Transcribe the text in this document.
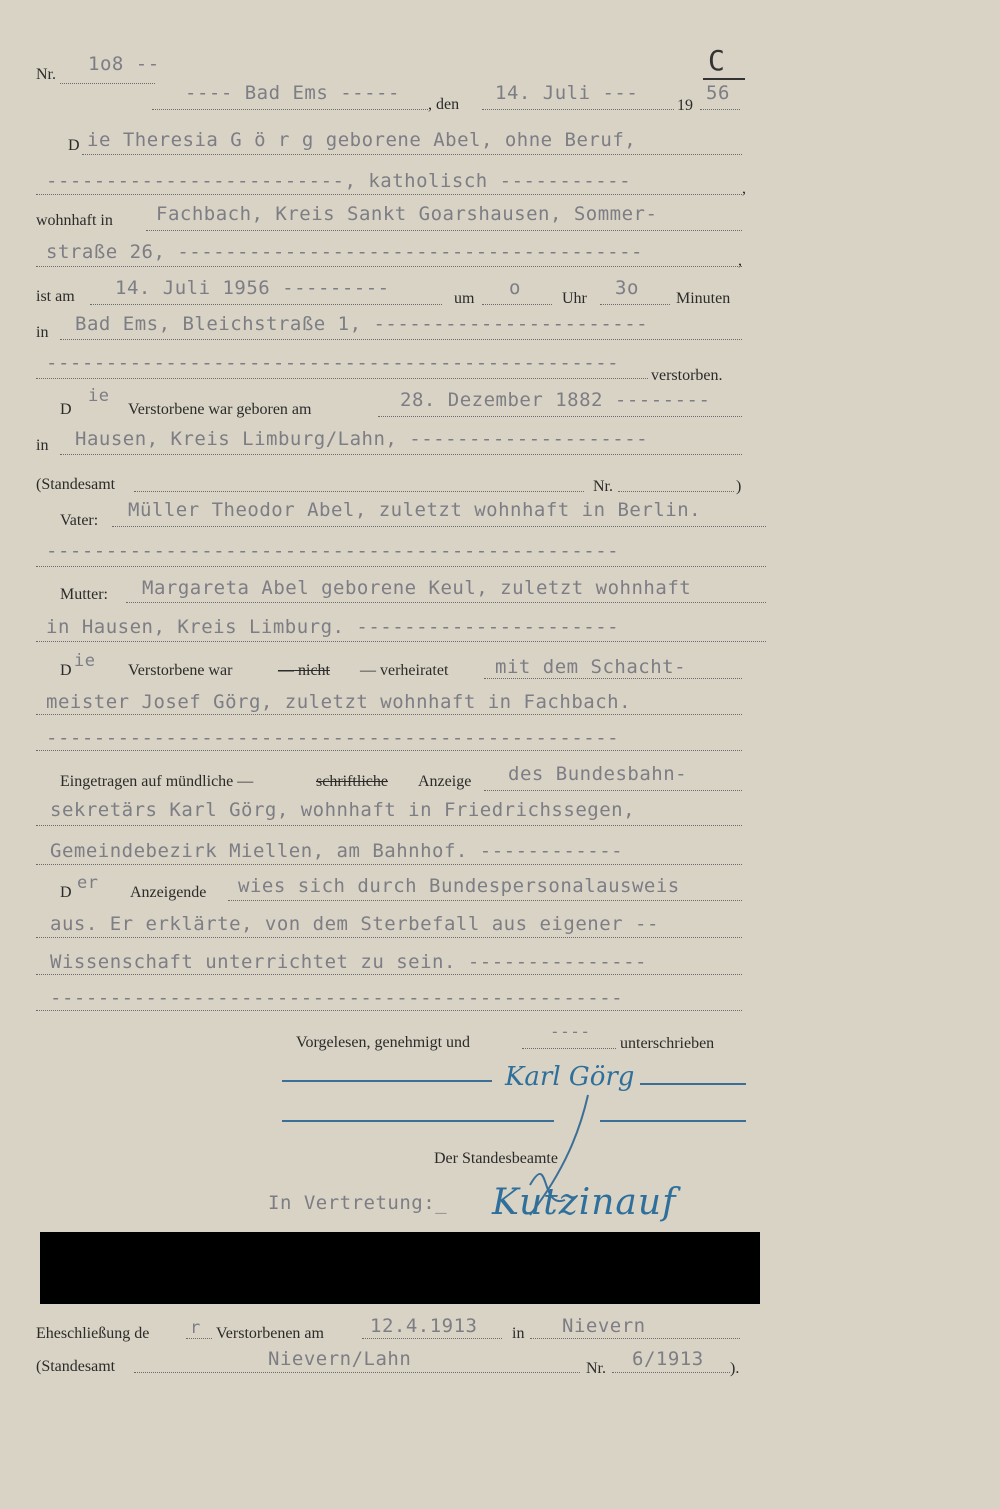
Nr. 1o8 --	C
---- Bad Ems -----
, den
14. Juli ---
19
56
D ie Theresia G ö r g geborene Abel, ohne Beruf,
-------------------------, katholisch -----------	,
wohnhaft in Fachbach, Kreis Sankt Goarshausen, Sommer-
straße 26, ---------------------------------------	,
ist am 14. Juli 1956 ---------	um o	Uhr 3o Minuten
in Bad Ems, Bleichstraße 1, -----------------------
------------------------------------------------
verstorben.
D
ie
Verstorbene war geboren am	28. Dezember 1882 --------
in Hausen, Kreis Limburg/Lahn, --------------------
(Standesamt	Nr.	)
Vater: Müller Theodor Abel, zuletzt wohnhaft in Berlin.
------------------------------------------------
Mutter: Margareta Abel geborene Keul, zuletzt wohnhaft
in Hausen, Kreis Limburg. ----------------------
D ie Verstorbene war	— nicht — verheiratet mit dem Schacht-
meister Josef Görg, zuletzt wohnhaft in Fachbach.
------------------------------------------------
Eingetragen auf mündliche —	schriftliche Anzeige des Bundesbahn-
sekretärs Karl Görg, wohnhaft in Friedrichssegen,
Gemeindebezirk Miellen, am Bahnhof. ------------
D er Anzeigende wies sich durch Bundespersonalausweis
aus. Er erklärte, von dem Sterbefall aus eigener --
Wissenschaft unterrichtet zu sein. ---------------
------------------------------------------------
Vorgelesen, genehmigt und
----
unterschrieben
Karl Görg
Der Standesbeamte
In Vertretung:_ Kutzinauf
Eheschließung de r Verstorbenen am 12.4.1913 in Nievern
(Standesamt	Nievern/Lahn	Nr. 6/1913 ).
